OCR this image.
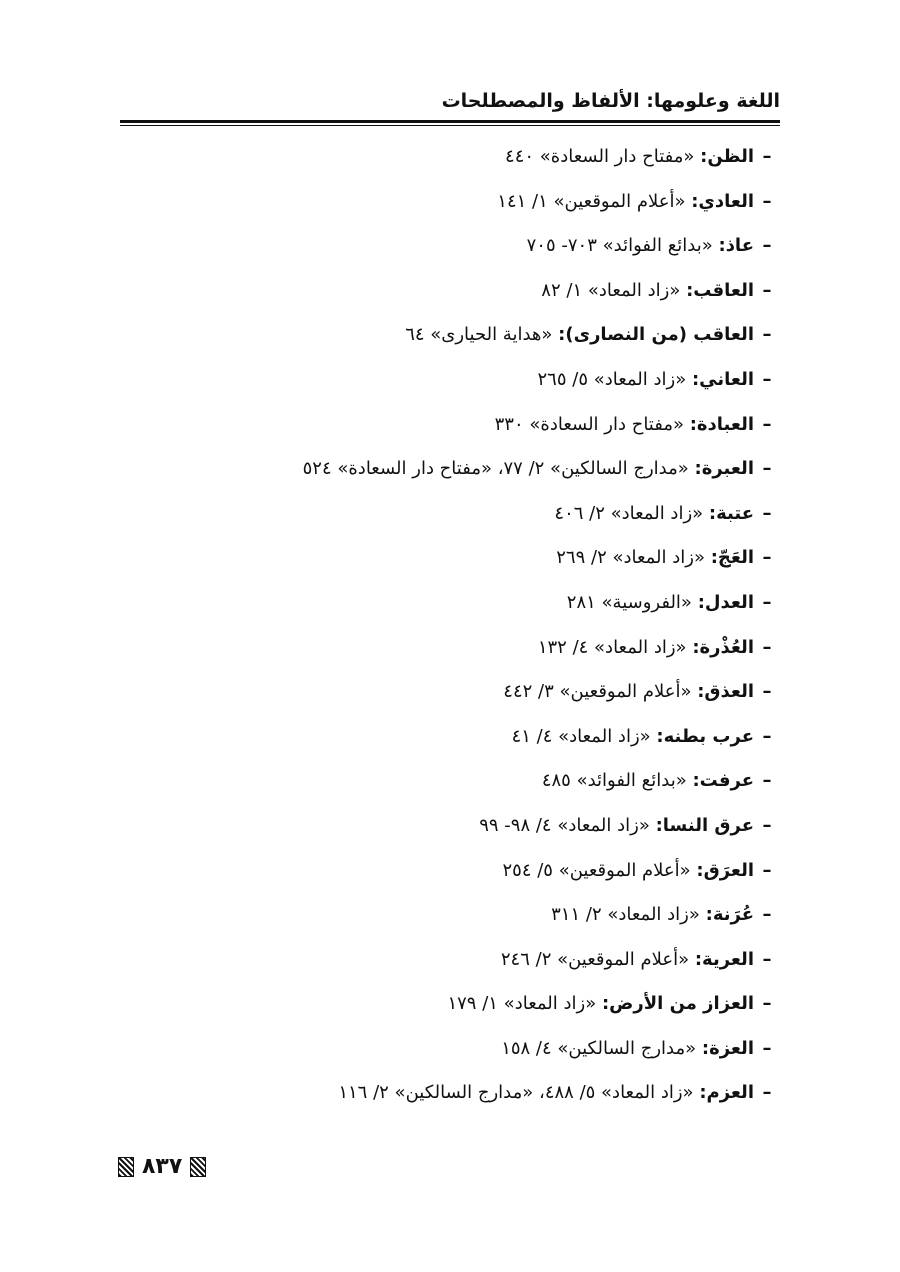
اللغة وعلومها: الألفاظ والمصطلحات
–الظن: «مفتاح دار السعادة» ٤٤٠
–العادي: «أعلام الموقعين» ١/ ١٤١
–عاذ: «بدائع الفوائد» ٧٠٣- ٧٠٥
–العاقب: «زاد المعاد» ١/ ٨٢
–العاقب (من النصارى): «هداية الحيارى» ٦٤
–العاني: «زاد المعاد» ٥/ ٢٦٥
–العبادة: «مفتاح دار السعادة» ٣٣٠
–العبرة: «مدارج السالكين» ٢/ ٧٧، «مفتاح دار السعادة» ٥٢٤
–عتبة: «زاد المعاد» ٢/ ٤٠٦
–العَجّ: «زاد المعاد» ٢/ ٢٦٩
–العدل: «الفروسية» ٢٨١
–العُذْرة: «زاد المعاد» ٤/ ١٣٢
–العذق: «أعلام الموقعين» ٣/ ٤٤٢
–عرب بطنه: «زاد المعاد» ٤/ ٤١
–عرفت: «بدائع الفوائد» ٤٨٥
–عرق النسا: «زاد المعاد» ٤/ ٩٨- ٩٩
–العرَق: «أعلام الموقعين» ٥/ ٢٥٤
–عُرَنة: «زاد المعاد» ٢/ ٣١١
–العرية: «أعلام الموقعين» ٢/ ٢٤٦
–العزاز من الأرض: «زاد المعاد» ١/ ١٧٩
–العزة: «مدارج السالكين» ٤/ ١٥٨
–العزم: «زاد المعاد» ٥/ ٤٨٨، «مدارج السالكين» ٢/ ١١٦
٨٣٧
